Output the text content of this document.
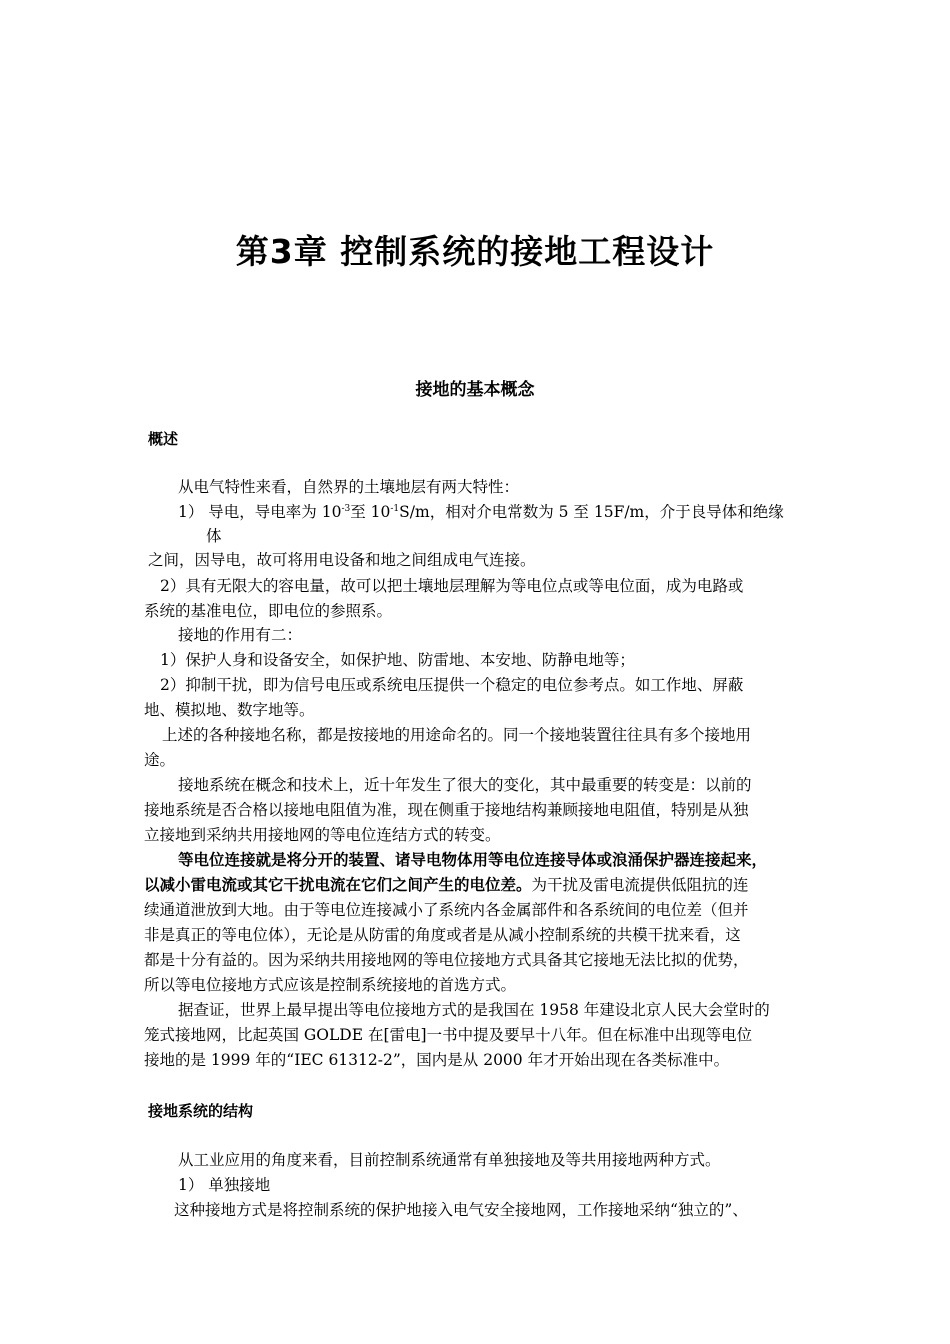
第3章 控制系统的接地工程设计
接地的基本概念
概述

从电气特性来看，自然界的土壤地层有两大特性：

1） 导电，导电率为 $10^{-3}$至 $10^{-1}S/m$，相对介电常数为 5 至 15F/m，介于良导体和绝缘

体

之间，因导电，故可将用电设备和地之间组成电气连接。

2）具有无限大的容电量，故可以把土壤地层理解为等电位点或等电位面，成为电路或

系统的基准电位，即电位的参照系。

接地的作用有二：

1）保护人身和设备安全，如保护地、防雷地、本安地、防静电地等；

2）抑制干扰，即为信号电压或系统电压提供一个稳定的电位参考点。如工作地、屏蔽

地、模拟地、数字地等。

上述的各种接地名称，都是按接地的用途命名的。同一个接地装置往往具有多个接地用

途。

接地系统在概念和技术上，近十年发生了很大的变化，其中最重要的转变是：以前的

接地系统是否合格以接地电阻值为准，现在侧重于接地结构兼顾接地电阻值，特别是从独

立接地到采纳共用接地网的等电位连结方式的转变。

等电位连接就是将分开的装置、诸导电物体用等电位连接导体或浪涌保护器连接起来，

以减小雷电流或其它干扰电流在它们之间产生的电位差。为干扰及雷电流提供低阻抗的连

续通道泄放到大地。由于等电位连接减小了系统内各金属部件和各系统间的电位差（但并

非是真正的等电位体），无论是从防雷的角度或者是从减小控制系统的共模干扰来看，这

都是十分有益的。因为采纳共用接地网的等电位接地方式具备其它接地无法比拟的优势，

所以等电位接地方式应该是控制系统接地的首选方式。

据查证，世界上最早提出等电位接地方式的是我国在 1958 年建设北京人民大会堂时的

笼式接地网，比起英国 GOLDE 在[雷电]一书中提及要早十八年。但在标准中出现等电位

接地的是 1999 年的“IEC 61312-2”，国内是从 2000 年才开始出现在各类标准中。

接地系统的结构

从工业应用的角度来看，目前控制系统通常有单独接地及等共用接地两种方式。

1） 单独接地

这种接地方式是将控制系统的保护地接入电气安全接地网，工作接地采纳“独立的”、
